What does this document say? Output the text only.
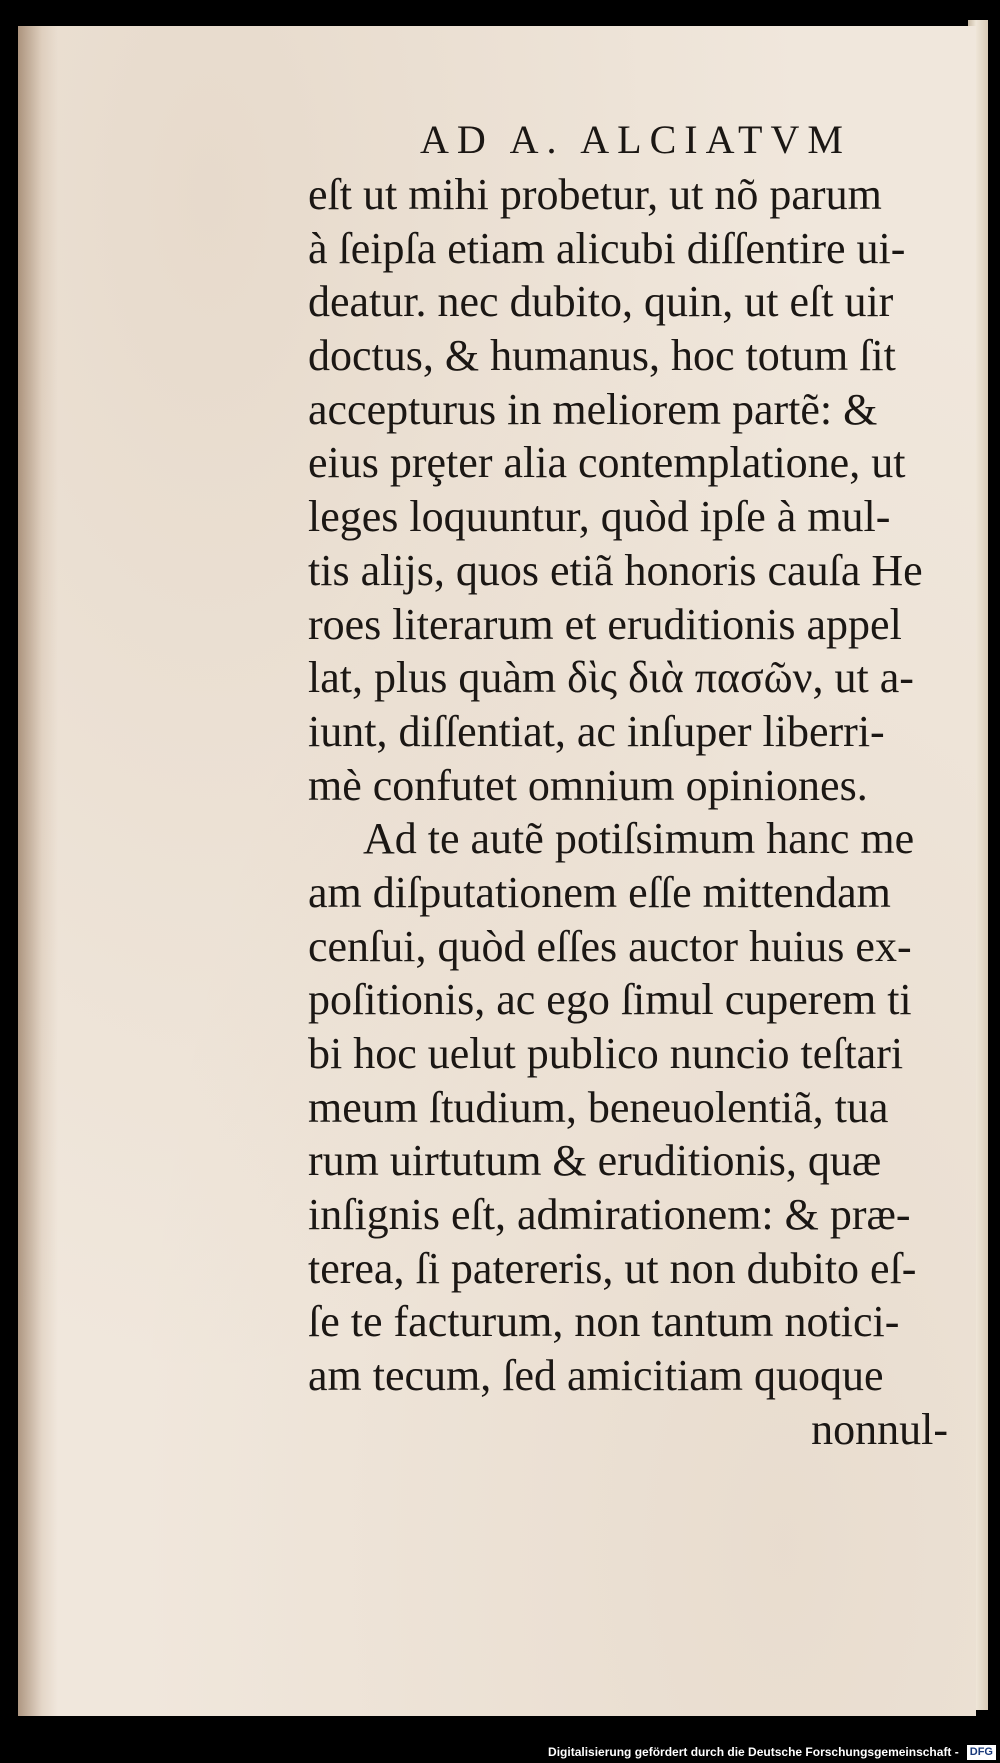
AD A. ALCIATVM
eſt ut mihi probetur, ut nõ parum
à ſeipſa etiam alicubi diſſentire ui-
deatur. nec dubito, quin, ut eſt uir
doctus, & humanus, hoc totum ſit
accepturus in meliorem partẽ: &
eius prȩter alia contemplatione, ut
leges loquuntur, quòd ipſe à mul-
tis alijs, quos etiã honoris cauſa He
roes literarum et eruditionis appel
lat, plus quàm δὶς διὰ πασῶν, ut a-
iunt, diſſentiat, ac inſuper liberri-
mè confutet omnium opiniones.
Ad te autẽ potiſsimum hanc me
am diſputationem eſſe mittendam
cenſui, quòd eſſes auctor huius ex-
poſitionis, ac ego ſimul cuperem ti
bi hoc uelut publico nuncio teſtari
meum ſtudium, beneuolentiã, tua
rum uirtutum & eruditionis, quæ
inſignis eſt, admirationem: & præ-
terea, ſi patereris, ut non dubito eſ-
ſe te facturum, non tantum notici-
am tecum, ſed amicitiam quoque
nonnul-
Digitalisierung gefördert durch die Deutsche Forschungsgemeinschaft - DFG
